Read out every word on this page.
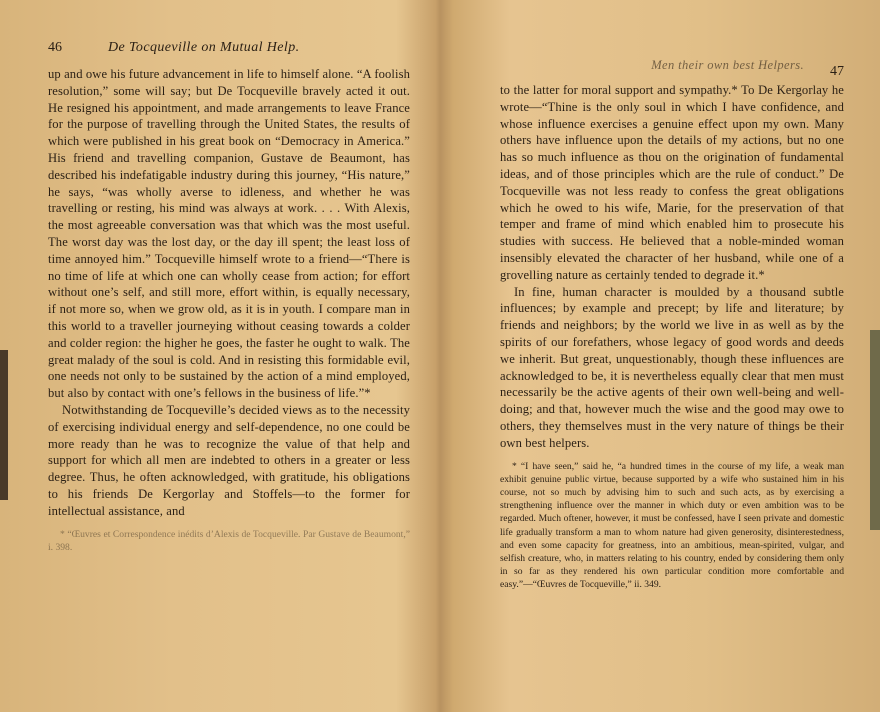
46	De Tocqueville on Mutual Help.

up and owe his future advancement in life to himself alone. “A foolish resolution,” some will say; but De Tocqueville bravely acted it out. He resigned his appointment, and made arrangements to leave France for the purpose of travelling through the United States, the results of which were published in his great book on “Democracy in America.” His friend and travelling companion, Gustave de Beaumont, has described his indefatigable industry during this journey, “His nature,” he says, “was wholly averse to idleness, and whether he was travelling or resting, his mind was always at work. . . . With Alexis, the most agreeable conversation was that which was the most useful. The worst day was the lost day, or the day ill spent; the least loss of time annoyed him.” Tocqueville himself wrote to a friend—“There is no time of life at which one can wholly cease from action; for effort without one’s self, and still more, effort within, is equally necessary, if not more so, when we grow old, as it is in youth. I compare man in this world to a traveller journeying without ceasing towards a colder and colder region: the higher he goes, the faster he ought to walk. The great malady of the soul is cold. And in resisting this formidable evil, one needs not only to be sustained by the action of a mind employed, but also by contact with one’s fellows in the business of life.”*

Notwithstanding de Tocqueville’s decided views as to the necessity of exercising individual energy and self-dependence, no one could be more ready than he was to recognize the value of that help and support for which all men are indebted to others in a greater or less degree. Thus, he often acknowledged, with gratitude, his obligations to his friends De Kergorlay and Stoffels—to the former for intellectual assistance, and

* “Œuvres et Correspondence inédits d’Alexis de Tocqueville. Par Gustave de Beaumont,” i. 398.
Men their own best Helpers. 47

to the latter for moral support and sympathy.* To De Kergorlay he wrote—“Thine is the only soul in which I have confidence, and whose influence exercises a genuine effect upon my own. Many others have influence upon the details of my actions, but no one has so much influence as thou on the origination of fundamental ideas, and of those principles which are the rule of conduct.” De Tocqueville was not less ready to confess the great obligations which he owed to his wife, Marie, for the preservation of that temper and frame of mind which enabled him to prosecute his studies with success. He believed that a noble-minded woman insensibly elevated the character of her husband, while one of a grovelling nature as certainly tended to degrade it.*

In fine, human character is moulded by a thousand subtle influences; by example and precept; by life and literature; by friends and neighbors; by the world we live in as well as by the spirits of our forefathers, whose legacy of good words and deeds we inherit. But great, unquestionably, though these influences are acknowledged to be, it is nevertheless equally clear that men must necessarily be the active agents of their own well-being and well-doing; and that, however much the wise and the good may owe to others, they themselves must in the very nature of things be their own best helpers.

* “I have seen,” said he, “a hundred times in the course of my life, a weak man exhibit genuine public virtue, because supported by a wife who sustained him in his course, not so much by advising him to such and such acts, as by exercising a strengthening influence over the manner in which duty or even ambition was to be regarded. Much oftener, however, it must be confessed, have I seen private and domestic life gradually transform a man to whom nature had given generosity, disinterestedness, and even some capacity for greatness, into an ambitious, mean-spirited, vulgar, and selfish creature, who, in matters relating to his country, ended by considering them only in so far as they rendered his own particular condition more comfortable and easy.”—“Œuvres de Tocqueville,” ii. 349.
